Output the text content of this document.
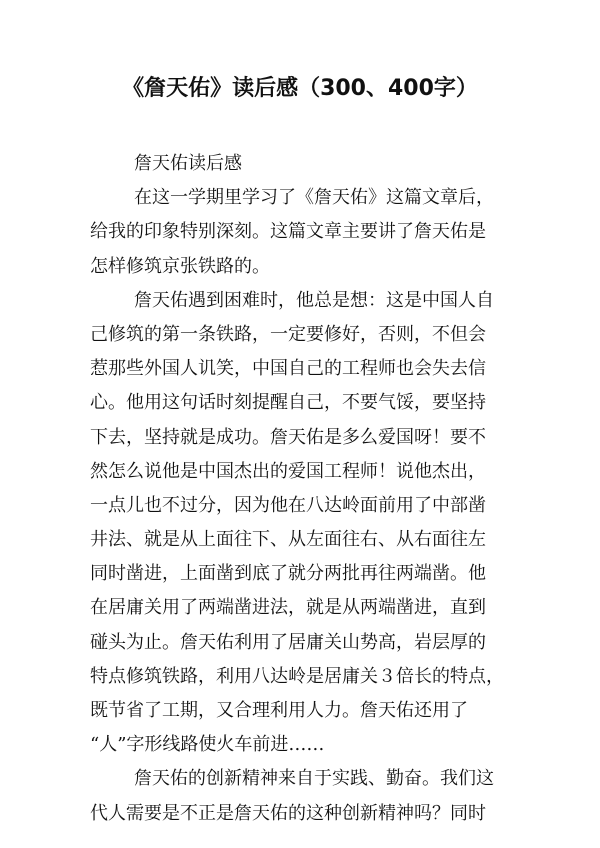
《詹天佑》读后感（300、400字）
詹天佑读后感
在这一学期里学习了《詹天佑》这篇文章后，
给我的印象特别深刻。这篇文章主要讲了詹天佑是
怎样修筑京张铁路的。
詹天佑遇到困难时，他总是想：这是中国人自
己修筑的第一条铁路，一定要修好，否则，不但会
惹那些外国人讥笑，中国自己的工程师也会失去信
心。他用这句话时刻提醒自己，不要气馁，要坚持
下去，坚持就是成功。詹天佑是多么爱国呀！要不
然怎么说他是中国杰出的爱国工程师！说他杰出，
一点儿也不过分，因为他在八达岭面前用了中部凿
井法、就是从上面往下、从左面往右、从右面往左
同时凿进，上面凿到底了就分两批再往两端凿。他
在居庸关用了两端凿进法，就是从两端凿进，直到
碰头为止。詹天佑利用了居庸关山势高，岩层厚的
特点修筑铁路，利用八达岭是居庸关３倍长的特点，
既节省了工期，又合理利用人力。詹天佑还用了
“人”字形线路使火车前进……
詹天佑的创新精神来自于实践、勤奋。我们这
代人需要是不正是詹天佑的这种创新精神吗？同时
